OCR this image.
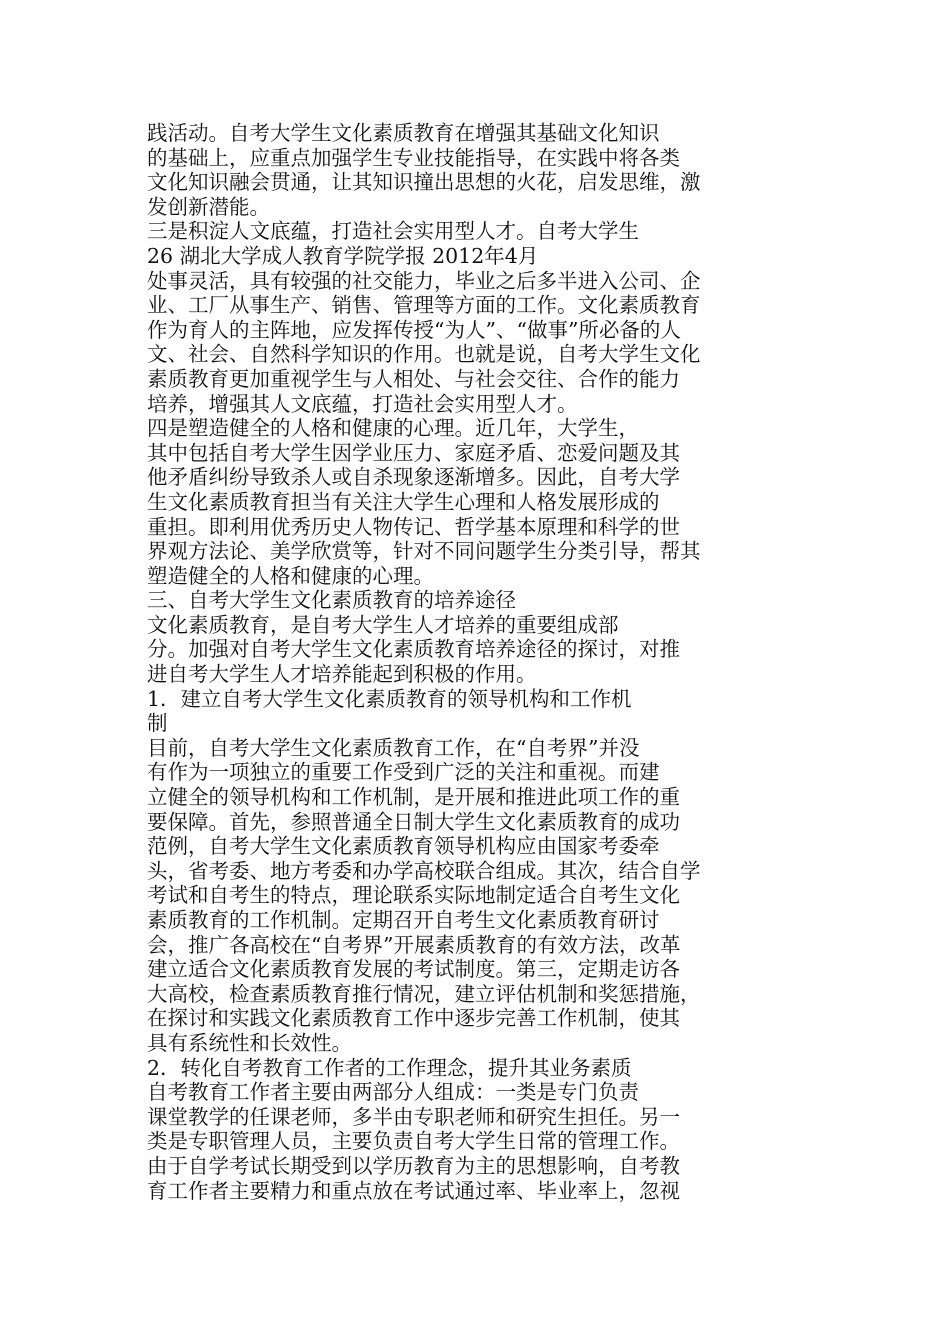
践活动。自考大学生文化素质教育在增强其基础文化知识
的基础上，应重点加强学生专业技能指导，在实践中将各类
文化知识融会贯通，让其知识撞出思想的火花，启发思维，激
发创新潜能。
三是积淀人文底蕴，打造社会实用型人才。自考大学生
26 湖北大学成人教育学院学报 2012年4月
处事灵活，具有较强的社交能力，毕业之后多半进入公司、企
业、工厂从事生产、销售、管理等方面的工作。文化素质教育
作为育人的主阵地，应发挥传授“为人”、“做事”所必备的人
文、社会、自然科学知识的作用。也就是说，自考大学生文化
素质教育更加重视学生与人相处、与社会交往、合作的能力
培养，增强其人文底蕴，打造社会实用型人才。
四是塑造健全的人格和健康的心理。近几年，大学生，
其中包括自考大学生因学业压力、家庭矛盾、恋爱问题及其
他矛盾纠纷导致杀人或自杀现象逐渐增多。因此，自考大学
生文化素质教育担当有关注大学生心理和人格发展形成的
重担。即利用优秀历史人物传记、哲学基本原理和科学的世
界观方法论、美学欣赏等，针对不同问题学生分类引导，帮其
塑造健全的人格和健康的心理。
三、自考大学生文化素质教育的培养途径
文化素质教育，是自考大学生人才培养的重要组成部
分。加强对自考大学生文化素质教育培养途径的探讨，对推
进自考大学生人才培养能起到积极的作用。
1．建立自考大学生文化素质教育的领导机构和工作机
制
目前，自考大学生文化素质教育工作，在“自考界”并没
有作为一项独立的重要工作受到广泛的关注和重视。而建
立健全的领导机构和工作机制，是开展和推进此项工作的重
要保障。首先，参照普通全日制大学生文化素质教育的成功
范例，自考大学生文化素质教育领导机构应由国家考委牵
头，省考委、地方考委和办学高校联合组成。其次，结合自学
考试和自考生的特点，理论联系实际地制定适合自考生文化
素质教育的工作机制。定期召开自考生文化素质教育研讨
会，推广各高校在“自考界”开展素质教育的有效方法，改革
建立适合文化素质教育发展的考试制度。第三，定期走访各
大高校，检查素质教育推行情况，建立评估机制和奖惩措施，
在探讨和实践文化素质教育工作中逐步完善工作机制，使其
具有系统性和长效性。
2．转化自考教育工作者的工作理念，提升其业务素质
自考教育工作者主要由两部分人组成：一类是专门负责
课堂教学的任课老师，多半由专职老师和研究生担任。另一
类是专职管理人员，主要负责自考大学生日常的管理工作。
由于自学考试长期受到以学历教育为主的思想影响，自考教
育工作者主要精力和重点放在考试通过率、毕业率上，忽视
